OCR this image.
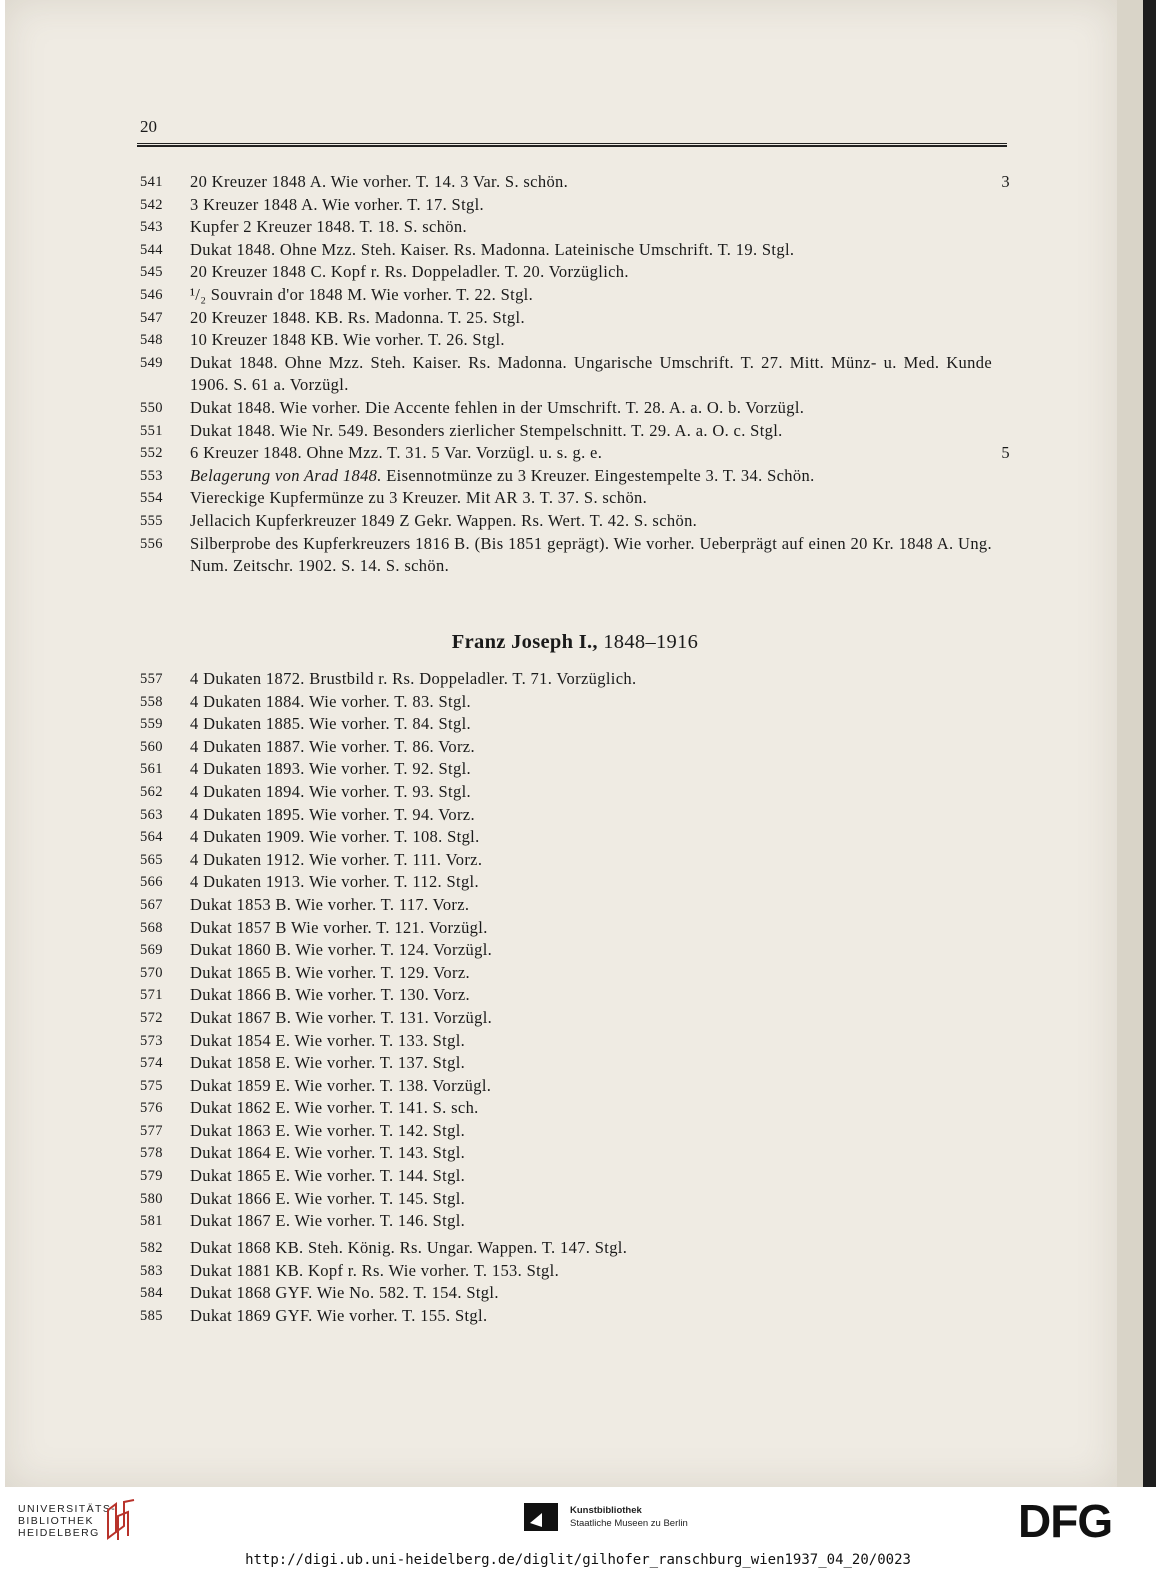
20
541	20 Kreuzer 1848 A. Wie vorher. T. 14. 3 Var. S. schön.	3
542	3 Kreuzer 1848 A. Wie vorher. T. 17. Stgl.
543	Kupfer 2 Kreuzer 1848. T. 18. S. schön.
544	Dukat 1848. Ohne Mzz. Steh. Kaiser. Rs. Madonna. Lateinische Umschrift. T. 19. Stgl.
545	20 Kreuzer 1848 C. Kopf r. Rs. Doppeladler. T. 20. Vorzüglich.
546	¹/₂ Souvrain d'or 1848 M. Wie vorher. T. 22. Stgl.
547	20 Kreuzer 1848. KB. Rs. Madonna. T. 25. Stgl.
548	10 Kreuzer 1848 KB. Wie vorher. T. 26. Stgl.
549	Dukat 1848. Ohne Mzz. Steh. Kaiser. Rs. Madonna. Ungarische Umschrift. T. 27. Mitt. Münz- u. Med. Kunde 1906. S. 61 a. Vorzügl.
550	Dukat 1848. Wie vorher. Die Accente fehlen in der Umschrift. T. 28. A. a. O. b. Vorzügl.
551	Dukat 1848. Wie Nr. 549. Besonders zierlicher Stempelschnitt. T. 29. A. a. O. c. Stgl.
552	6 Kreuzer 1848. Ohne Mzz. T. 31. 5 Var. Vorzügl. u. s. g. e.	5
553	Belagerung von Arad 1848. Eisennotmünze zu 3 Kreuzer. Eingestempelte 3. T. 34. Schön.
554	Viereckige Kupfermünze zu 3 Kreuzer. Mit AR 3. T. 37. S. schön.
555	Jellacich Kupferkreuzer 1849 Z Gekr. Wappen. Rs. Wert. T. 42. S. schön.
556	Silberprobe des Kupferkreuzers 1816 B. (Bis 1851 geprägt). Wie vorher. Ueberprägt auf einen 20 Kr. 1848 A. Ung. Num. Zeitschr. 1902. S. 14. S. schön.
Franz Joseph I., 1848–1916
557	4 Dukaten 1872. Brustbild r. Rs. Doppeladler. T. 71. Vorzüglich.
558	4 Dukaten 1884. Wie vorher. T. 83. Stgl.
559	4 Dukaten 1885. Wie vorher. T. 84. Stgl.
560	4 Dukaten 1887. Wie vorher. T. 86. Vorz.
561	4 Dukaten 1893. Wie vorher. T. 92. Stgl.
562	4 Dukaten 1894. Wie vorher. T. 93. Stgl.
563	4 Dukaten 1895. Wie vorher. T. 94. Vorz.
564	4 Dukaten 1909. Wie vorher. T. 108. Stgl.
565	4 Dukaten 1912. Wie vorher. T. 111. Vorz.
566	4 Dukaten 1913. Wie vorher. T. 112. Stgl.
567	Dukat 1853 B. Wie vorher. T. 117. Vorz.
568	Dukat 1857 B Wie vorher. T. 121. Vorzügl.
569	Dukat 1860 B. Wie vorher. T. 124. Vorzügl.
570	Dukat 1865 B. Wie vorher. T. 129. Vorz.
571	Dukat 1866 B. Wie vorher. T. 130. Vorz.
572	Dukat 1867 B. Wie vorher. T. 131. Vorzügl.
573	Dukat 1854 E. Wie vorher. T. 133. Stgl.
574	Dukat 1858 E. Wie vorher. T. 137. Stgl.
575	Dukat 1859 E. Wie vorher. T. 138. Vorzügl.
576	Dukat 1862 E. Wie vorher. T. 141. S. sch.
577	Dukat 1863 E. Wie vorher. T. 142. Stgl.
578	Dukat 1864 E. Wie vorher. T. 143. Stgl.
579	Dukat 1865 E. Wie vorher. T. 144. Stgl.
580	Dukat 1866 E. Wie vorher. T. 145. Stgl.
581	Dukat 1867 E. Wie vorher. T. 146. Stgl.
582	Dukat 1868 KB. Steh. König. Rs. Ungar. Wappen. T. 147. Stgl.
583	Dukat 1881 KB. Kopf r. Rs. Wie vorher. T. 153. Stgl.
584	Dukat 1868 GYF. Wie No. 582. T. 154. Stgl.
585	Dukat 1869 GYF. Wie vorher. T. 155. Stgl.
UNIVERSITÄTS-
BIBLIOTHEK
HEIDELBERG
Kunstbibliothek
Staatliche Museen zu Berlin	DFG
http://digi.ub.uni-heidelberg.de/diglit/gilhofer_ranschburg_wien1937_04_20/0023
